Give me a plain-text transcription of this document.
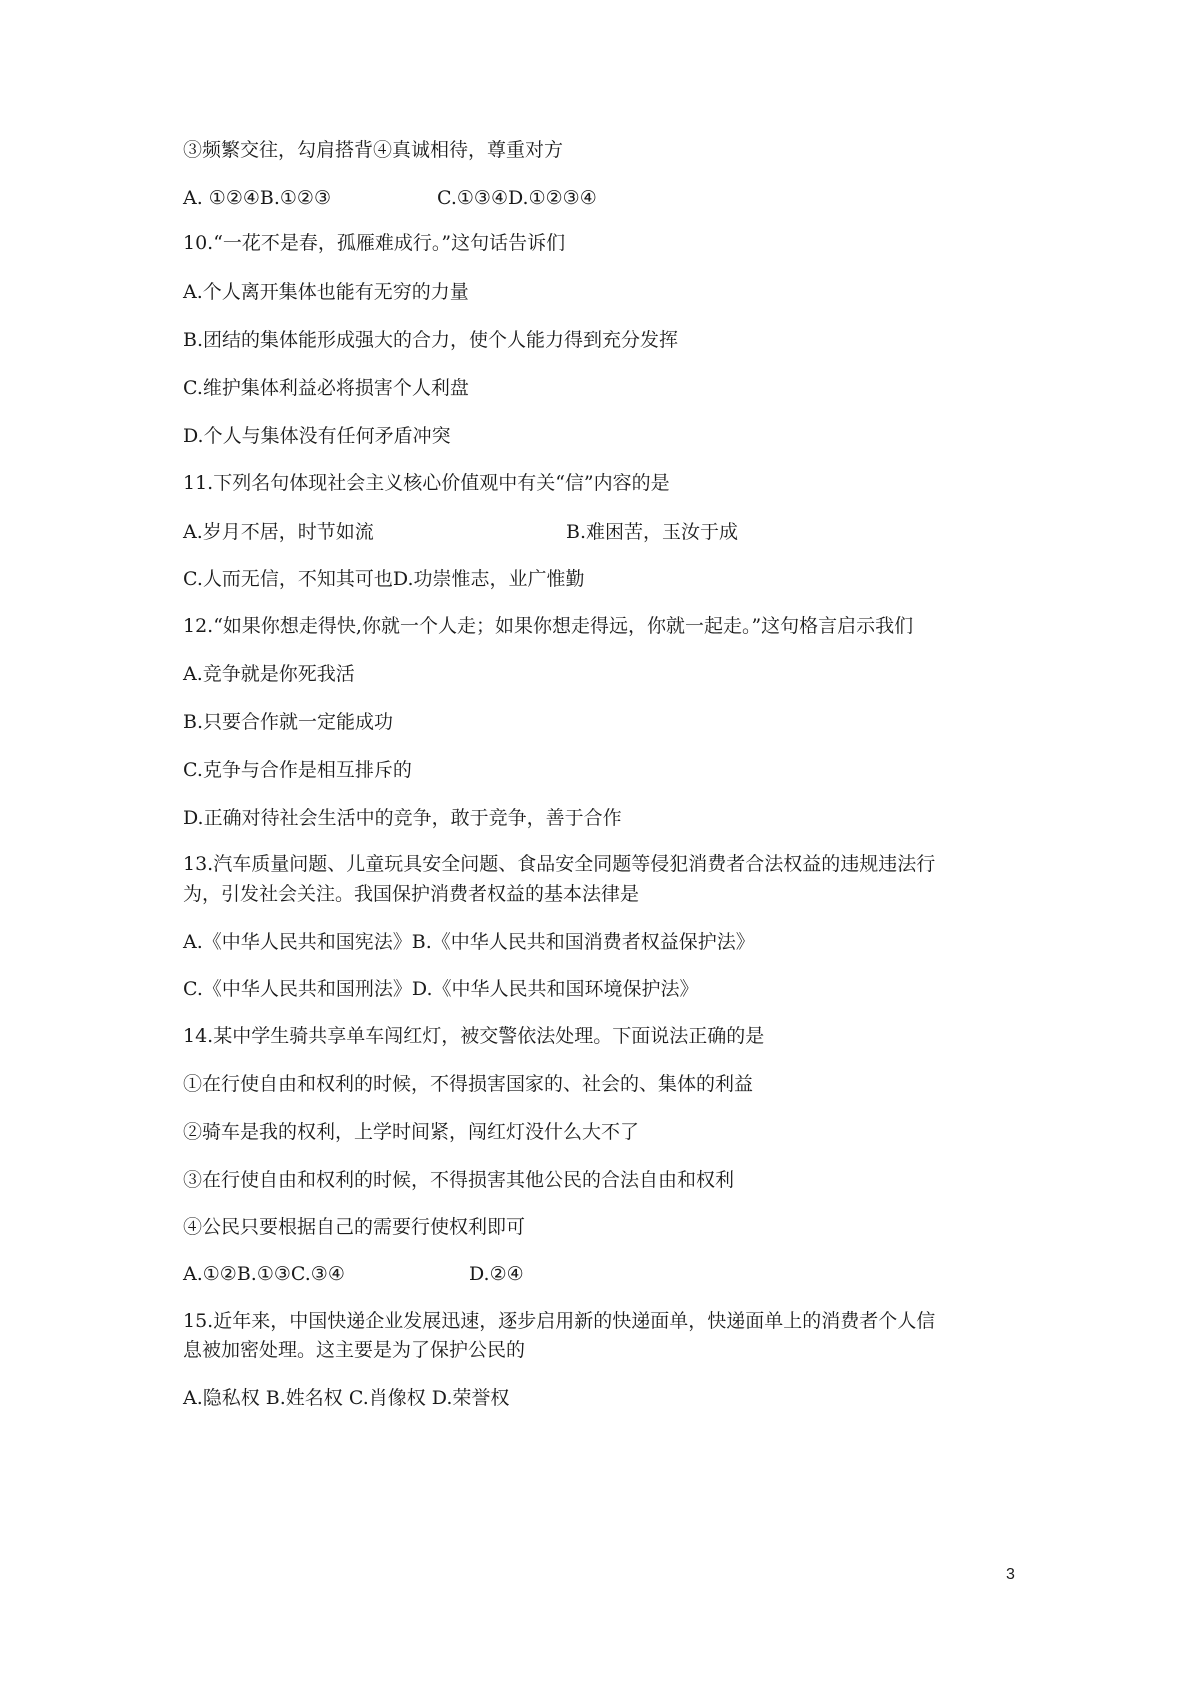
③频繁交往，勾肩搭背④真诚相待，尊重对方
A. ①②④B.①②③	C.①③④D.①②③④
10.“一花不是春，孤雁难成行。”这句话告诉们
A.个人离开集体也能有无穷的力量
B.团结的集体能形成强大的合力，使个人能力得到充分发挥
C.维护集体利益必将损害个人利盘
D.个人与集体没有任何矛盾冲突
11.下列名句体现社会主义核心价值观中有关“信”内容的是
A.岁月不居，时节如流	B.难困苦，玉汝于成
C.人而无信，不知其可也D.功崇惟志，业广惟勤
12.“如果你想走得快,你就一个人走；如果你想走得远，你就一起走。”这句格言启示我们
A.竞争就是你死我活
B.只要合作就一定能成功
C.克争与合作是相互排斥的
D.正确对待社会生活中的竞争，敢于竞争，善于合作
13.汽车质量问题、儿童玩具安全问题、食品安全同题等侵犯消费者合法权益的违规违法行
为，引发社会关注。我国保护消费者权益的基本法律是
A.《中华人民共和国宪法》B.《中华人民共和国消费者权益保护法》
C.《中华人民共和国刑法》D.《中华人民共和国环境保护法》
14.某中学生骑共享单车闯红灯，被交警依法处理。下面说法正确的是
①在行使自由和权利的时候，不得损害国家的、社会的、集体的利益
②骑车是我的权利，上学时间紧，闯红灯没什么大不了
③在行使自由和权利的时候，不得损害其他公民的合法自由和权利
④公民只要根据自己的需要行使权利即可
A.①②B.①③C.③④	D.②④
15.近年来，中国快递企业发展迅速，逐步启用新的快递面单，快递面单上的消费者个人信
息被加密处理。这主要是为了保护公民的
A.隐私权 B.姓名权 C.肖像权 D.荣誉权
3
